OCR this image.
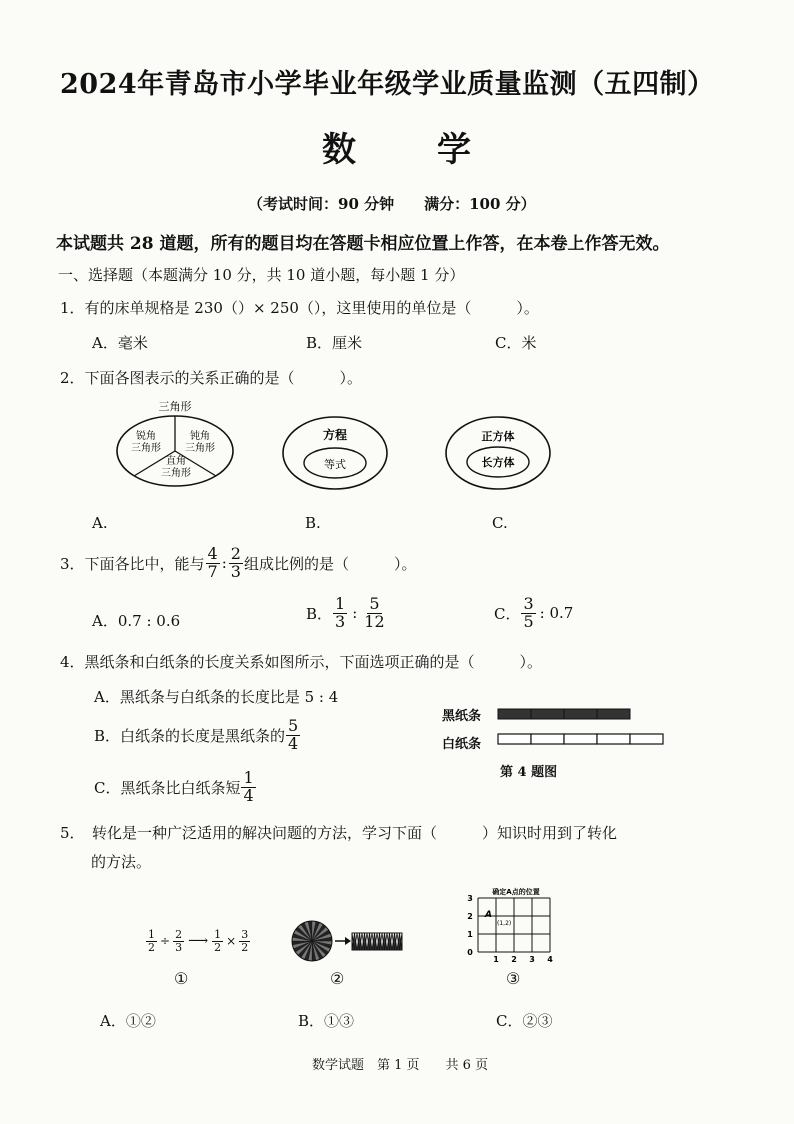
2024年青岛市小学毕业年级学业质量监测（五四制）
数 学
（考试时间：90 分钟　　满分：100 分）
本试题共 28 道题，所有的题目均在答题卡相应位置上作答，在本卷上作答无效。
一、选择题（本题满分 10 分，共 10 道小题，每小题 1 分）
1．有的床单规格是 230（）× 250（），这里使用的单位是（　　　）。
A．毫米	B．厘米	C．米
2．下面各图表示的关系正确的是（　　　）。
三角形
锐角
三角形
钝角
三角形
直角
三角形
方程
等式
正方体
长方体
A.	B.	C.
3．下面各比中，能与 $\frac{4}{7}$ : $\frac{2}{3}$ 组成比例的是（　　　）。
A．0.7 : 0.6	B． $\frac{1}{3}$ : $\frac{5}{12}$	C． $\frac{3}{5}$ : 0.7
4．黑纸条和白纸条的长度关系如图所示，下面选项正确的是（　　　）。
A．黑纸条与白纸条的长度比是 5 : 4
B．白纸条的长度是黑纸条的 $\frac{5}{4}$
C．黑纸条比白纸条短 $\frac{1}{4}$
黑纸条
白纸条
第 4 题图
5．　转化是一种广泛适用的解决问题的方法，学习下面（　　　）知识时用到了转化
的方法。
$\frac{1}{2} \div \frac{2}{3}$ ⟶ $\frac{1}{2} \times \frac{3}{2}$
①	②
确定A点的位置
1 2 3 4
0
1
2
3
A
(1,2)
③
A．①②	B．①③	C．②③
数学试题　第 1 页　　共 6 页
